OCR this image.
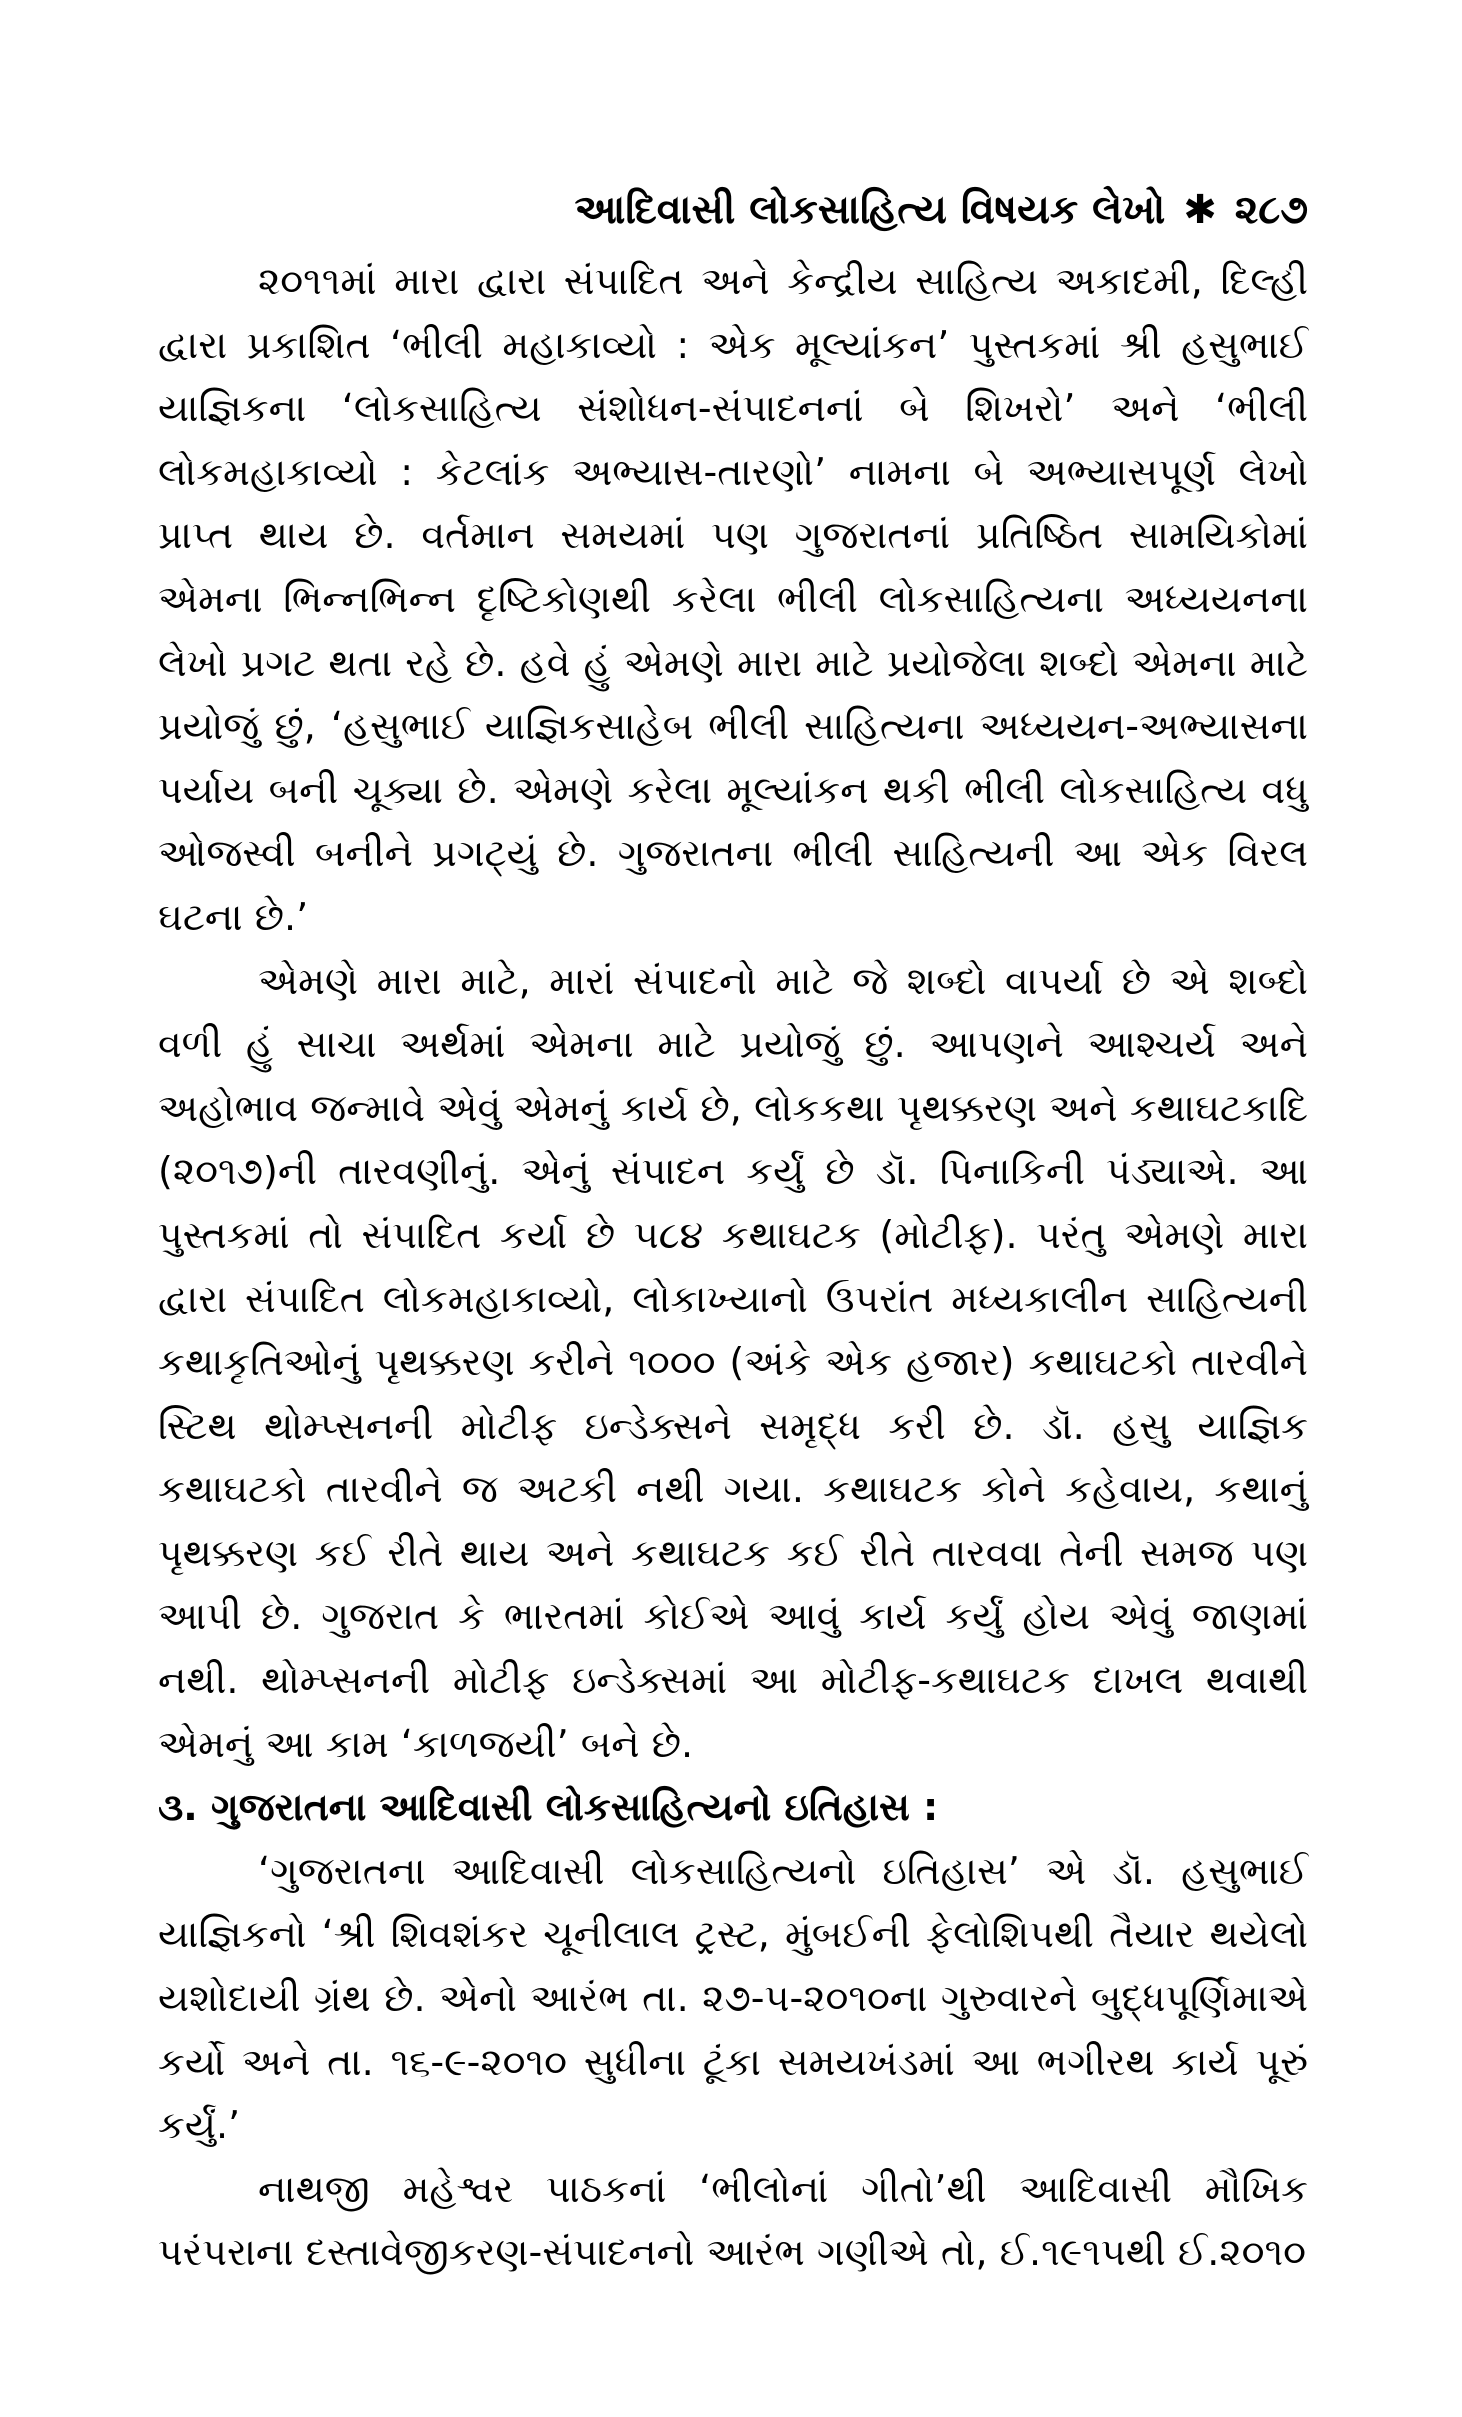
આદિવાસી લોકસાહિત્ય વિષયક લેખો ✱ ૨૮૭

૨૦૧૧માં મારા દ્વારા સંપાદિત અને કેન્દ્રીય સાહિત્ય અકાદમી, દિલ્હી દ્વારા પ્રકાશિત ‘ભીલી મહાકાવ્યો : એક મૂલ્યાંકન’ પુસ્તકમાં શ્રી હસુભાઈ યાજ્ઞિકના ‘લોકસાહિત્ય સંશોધન-સંપાદનનાં બે શિખરો’ અને ‘ભીલી લોકમહાકાવ્યો : કેટલાંક અભ્યાસ-તારણો’ નામના બે અભ્યાસપૂર્ણ લેખો પ્રાપ્ત થાય છે. વર્તમાન સમયમાં પણ ગુજરાતનાં પ્રતિષ્ઠિત સામયિકોમાં એમના ભિન્નભિન્ન દૃષ્ટિકોણથી કરેલા ભીલી લોકસાહિત્યના અધ્યયનના લેખો પ્રગટ થતા રહે છે. હવે હું એમણે મારા માટે પ્રયોજેલા શબ્દો એમના માટે પ્રયોજું છું, ‘હસુભાઈ યાજ્ઞિકસાહેબ ભીલી સાહિત્યના અધ્યયન-અભ્યાસના પર્યાય બની ચૂક્યા છે. એમણે કરેલા મૂલ્યાંકન થકી ભીલી લોકસાહિત્ય વધુ ઓજસ્વી બનીને પ્રગટ્યું છે. ગુજરાતના ભીલી સાહિત્યની આ એક વિરલ ઘટના છે.’

એમણે મારા માટે, મારાં સંપાદનો માટે જે શબ્દો વાપર્યા છે એ શબ્દો વળી હું સાચા અર્થમાં એમના માટે પ્રયોજું છું. આપણને આશ્ચર્ય અને અહોભાવ જન્માવે એવું એમનું કાર્ય છે, લોકકથા પૃથક્કરણ અને કથાઘટકાદિ (૨૦૧૭)ની તારવણીનું. એનું સંપાદન કર્યું છે ડૉ. પિનાકિની પંડ્યાએ. આ પુસ્તકમાં તો સંપાદિત કર્યા છે ૫૮૪ કથાઘટક (મોટીફ). પરંતુ એમણે મારા દ્વારા સંપાદિત લોકમહાકાવ્યો, લોકાખ્યાનો ઉપરાંત મધ્યકાલીન સાહિત્યની કથાકૃતિઓનું પૃથક્કરણ કરીને ૧૦૦૦ (અંકે એક હજાર) કથાઘટકો તારવીને સ્ટિથ થોમ્પ્સનની મોટીફ ઇન્ડેક્સને સમૃદ્ધ કરી છે. ડૉ. હસુ યાજ્ઞિક કથાઘટકો તારવીને જ અટકી નથી ગયા. કથાઘટક કોને કહેવાય, કથાનું પૃથક્કરણ કઈ રીતે થાય અને કથાઘટક કઈ રીતે તારવવા તેની સમજ પણ આપી છે. ગુજરાત કે ભારતમાં કોઈએ આવું કાર્ય કર્યું હોય એવું જાણમાં નથી. થોમ્પ્સનની મોટીફ ઇન્ડેક્સમાં આ મોટીફ-કથાઘટક દાખલ થવાથી એમનું આ કામ ‘કાળજયી’ બને છે.

૩. ગુજરાતના આદિવાસી લોકસાહિત્યનો ઇતિહાસ :

‘ગુજરાતના આદિવાસી લોકસાહિત્યનો ઇતિહાસ’ એ ડૉ. હસુભાઈ યાજ્ઞિકનો ‘શ્રી શિવશંકર ચૂનીલાલ ટ્રસ્ટ, મુંબઈની ફેલોશિપથી તૈયાર થયેલો યશોદાયી ગ્રંથ છે. એનો આરંભ તા. ૨૭-૫-૨૦૧૦ના ગુરુવારને બુદ્ધપૂર્ણિમાએ કર્યો અને તા. ૧૬-૯-૨૦૧૦ સુધીના ટૂંકા સમયખંડમાં આ ભગીરથ કાર્ય પૂરું કર્યું.’

નાથજી મહેશ્વર પાઠકનાં ‘ભીલોનાં ગીતો’થી આદિવાસી મૌખિક પરંપરાના દસ્તાવેજીકરણ-સંપાદનનો આરંભ ગણીએ તો, ઈ.૧૯૧૫થી ઈ.૨૦૧૦
